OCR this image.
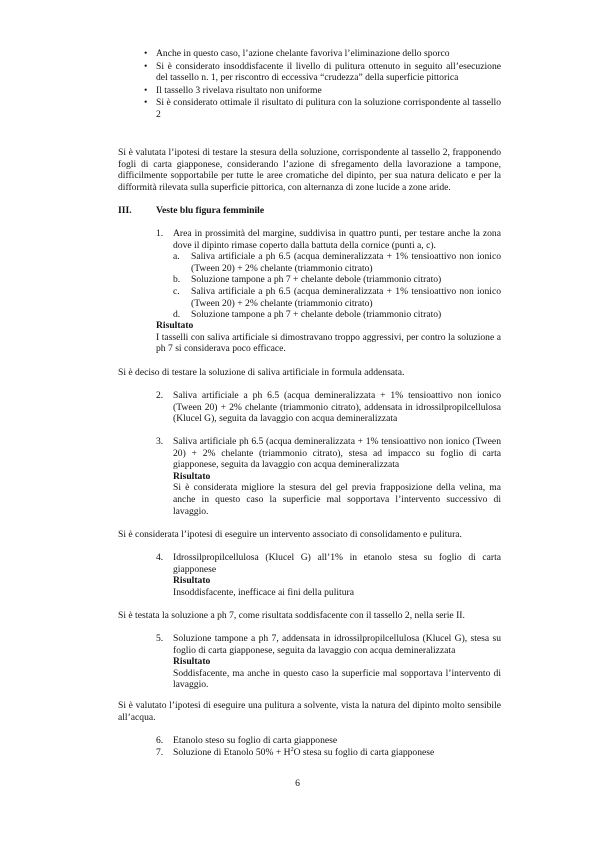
• Anche in questo caso, l’azione chelante favoriva l’eliminazione dello sporco
• Si è considerato insoddisfacente il livello di pulitura ottenuto in seguito all’esecuzione del tassello n. 1, per riscontro di eccessiva “crudezza” della superficie pittorica
• Il tassello 3 rivelava risultato non uniforme
• Si è considerato ottimale il risultato di pulitura con la soluzione corrispondente al tassello 2
Si è valutata l’ipotesi di testare la stesura della soluzione, corrispondente al tassello 2, frapponendo fogli di carta giapponese, considerando l’azione di sfregamento della lavorazione a tampone, difficilmente sopportabile per tutte le aree cromatiche del dipinto, per sua natura delicato e per la difformità rilevata sulla superficie pittorica, con alternanza di zone lucide a zone aride.
III.	Veste blu figura femminile
1. Area in prossimità del margine, suddivisa in quattro punti, per testare anche la zona dove il dipinto rimase coperto dalla battuta della cornice (punti a, c).
a. Saliva artificiale a ph 6.5 (acqua demineralizzata + 1% tensioattivo non ionico (Tween 20) + 2% chelante (triammonio citrato)
b. Soluzione tampone a ph 7 + chelante debole (triammonio citrato)
c. Saliva artificiale a ph 6.5 (acqua demineralizzata + 1% tensioattivo non ionico (Tween 20) + 2% chelante (triammonio citrato)
d. Soluzione tampone a ph 7 + chelante debole (triammonio citrato)
Risultato
I tasselli con saliva artificiale si dimostravano troppo aggressivi, per contro la soluzione a ph 7 si considerava poco efficace.
Si è deciso di testare la soluzione di saliva artificiale in formula addensata.
2. Saliva artificiale a ph 6.5 (acqua demineralizzata + 1% tensioattivo non ionico (Tween 20) + 2% chelante (triammonio citrato), addensata in idrossilpropilcellulosa (Klucel G), seguita da lavaggio con acqua demineralizzata
3. Saliva artificiale ph 6.5 (acqua demineralizzata + 1% tensioattivo non ionico (Tween 20) + 2% chelante (triammonio citrato), stesa ad impacco su foglio di carta giapponese, seguita da lavaggio con acqua demineralizzata
Risultato
Si è considerata migliore la stesura del gel previa frapposizione della velina, ma anche in questo caso la superficie mal sopportava l’intervento successivo di lavaggio.
Si è considerata l’ipotesi di eseguire un intervento associato di consolidamento e pulitura.
4. Idrossilpropilcellulosa (Klucel G) all’1% in etanolo stesa su foglio di carta giapponese
Risultato
Insoddisfacente, inefficace ai fini della pulitura
Si è testata la soluzione a ph 7, come risultata soddisfacente con il tassello 2, nella serie II.
5. Soluzione tampone a ph 7, addensata in idrossilpropilcellulosa (Klucel G), stesa su foglio di carta giapponese, seguita da lavaggio con acqua demineralizzata
Risultato
Soddisfacente, ma anche in questo caso la superficie mal sopportava l’intervento di lavaggio.
Si è valutato l’ipotesi di eseguire una pulitura a solvente, vista la natura del dipinto molto sensibile all’acqua.
6. Etanolo steso su foglio di carta giapponese
7. Soluzione di Etanolo $50\% + H^2O$ stesa su foglio di carta giapponese
6
